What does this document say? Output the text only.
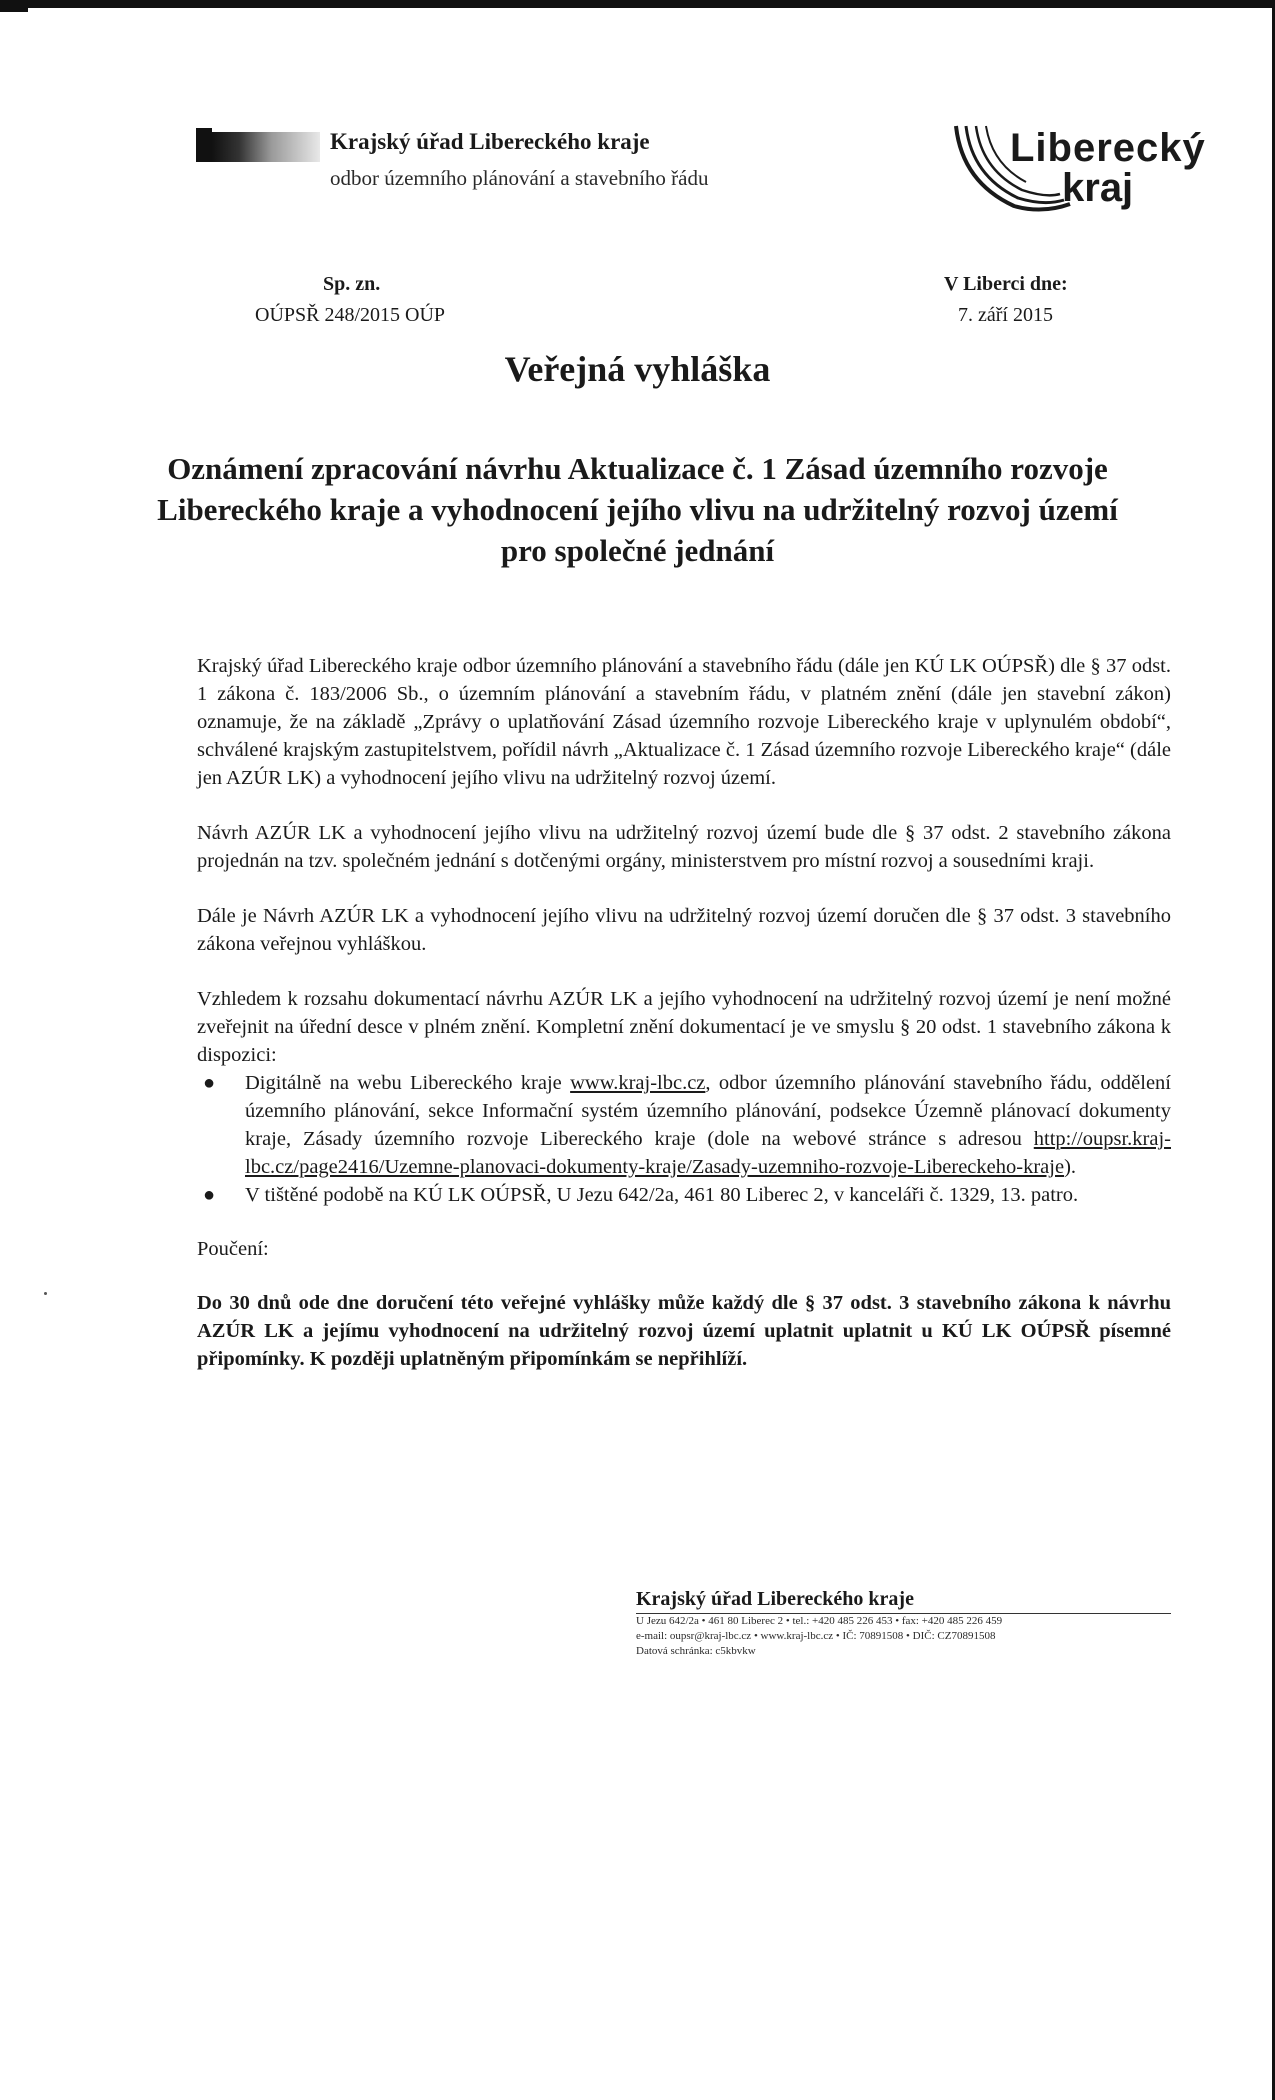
Krajský úřad Libereckého kraje
odbor územního plánování a stavebního řádu
Liberecký
kraj
Sp. zn.
OÚPSŘ 248/2015 OÚP
V Liberci dne:
7. září 2015
Veřejná vyhláška
Oznámení zpracování návrhu Aktualizace č. 1 Zásad územního rozvoje Libereckého kraje a vyhodnocení jejího vlivu na udržitelný rozvoj území pro společné jednání

Krajský úřad Libereckého kraje odbor územního plánování a stavebního řádu (dále jen KÚ LK OÚPSŘ) dle § 37 odst. 1 zákona č. 183/2006 Sb., o územním plánování a stavebním řádu, v platném znění (dále jen stavební zákon) oznamuje, že na základě „Zprávy o uplatňování Zásad územního rozvoje Libereckého kraje v uplynulém období“, schválené krajským zastupitelstvem, pořídil návrh „Aktualizace č. 1 Zásad územního rozvoje Libereckého kraje“ (dále jen AZÚR LK) a vyhodnocení jejího vlivu na udržitelný rozvoj území.

Návrh AZÚR LK a vyhodnocení jejího vlivu na udržitelný rozvoj území bude dle § 37 odst. 2 stavebního zákona projednán na tzv. společném jednání s dotčenými orgány, ministerstvem pro místní rozvoj a sousedními kraji.

Dále je Návrh AZÚR LK a vyhodnocení jejího vlivu na udržitelný rozvoj území doručen dle § 37 odst. 3 stavebního zákona veřejnou vyhláškou.

Vzhledem k rozsahu dokumentací návrhu AZÚR LK a jejího vyhodnocení na udržitelný rozvoj území je není možné zveřejnit na úřední desce v plném znění. Kompletní znění dokumentací je ve smyslu § 20 odst. 1 stavebního zákona k dispozici:

● Digitálně na webu Libereckého kraje www.kraj-lbc.cz, odbor územního plánování stavebního řádu, oddělení územního plánování, sekce Informační systém územního plánování, podsekce Územně plánovací dokumenty kraje, Zásady územního rozvoje Libereckého kraje (dole na webové stránce s adresou http://oupsr.kraj-lbc.cz/page2416/Uzemne-planovaci-dokumenty-kraje/Zasady-uzemniho-rozvoje-Libereckeho-kraje).
● V tištěné podobě na KÚ LK OÚPSŘ, U Jezu 642/2a, 461 80 Liberec 2, v kanceláři č. 1329, 13. patro.
Poučení:
Do 30 dnů ode dne doručení této veřejné vyhlášky může každý dle § 37 odst. 3 stavebního zákona k návrhu AZÚR LK a jejímu vyhodnocení na udržitelný rozvoj území uplatnit uplatnit u KÚ LK OÚPSŘ písemné připomínky. K později uplatněným připomínkám se nepřihlíží.
Krajský úřad Libereckého kraje
U Jezu 642/2a • 461 80 Liberec 2 • tel.: +420 485 226 453 • fax: +420 485 226 459
e-mail: oupsr@kraj-lbc.cz • www.kraj-lbc.cz • IČ: 70891508 • DIČ: CZ70891508
Datová schránka: c5kbvkw
